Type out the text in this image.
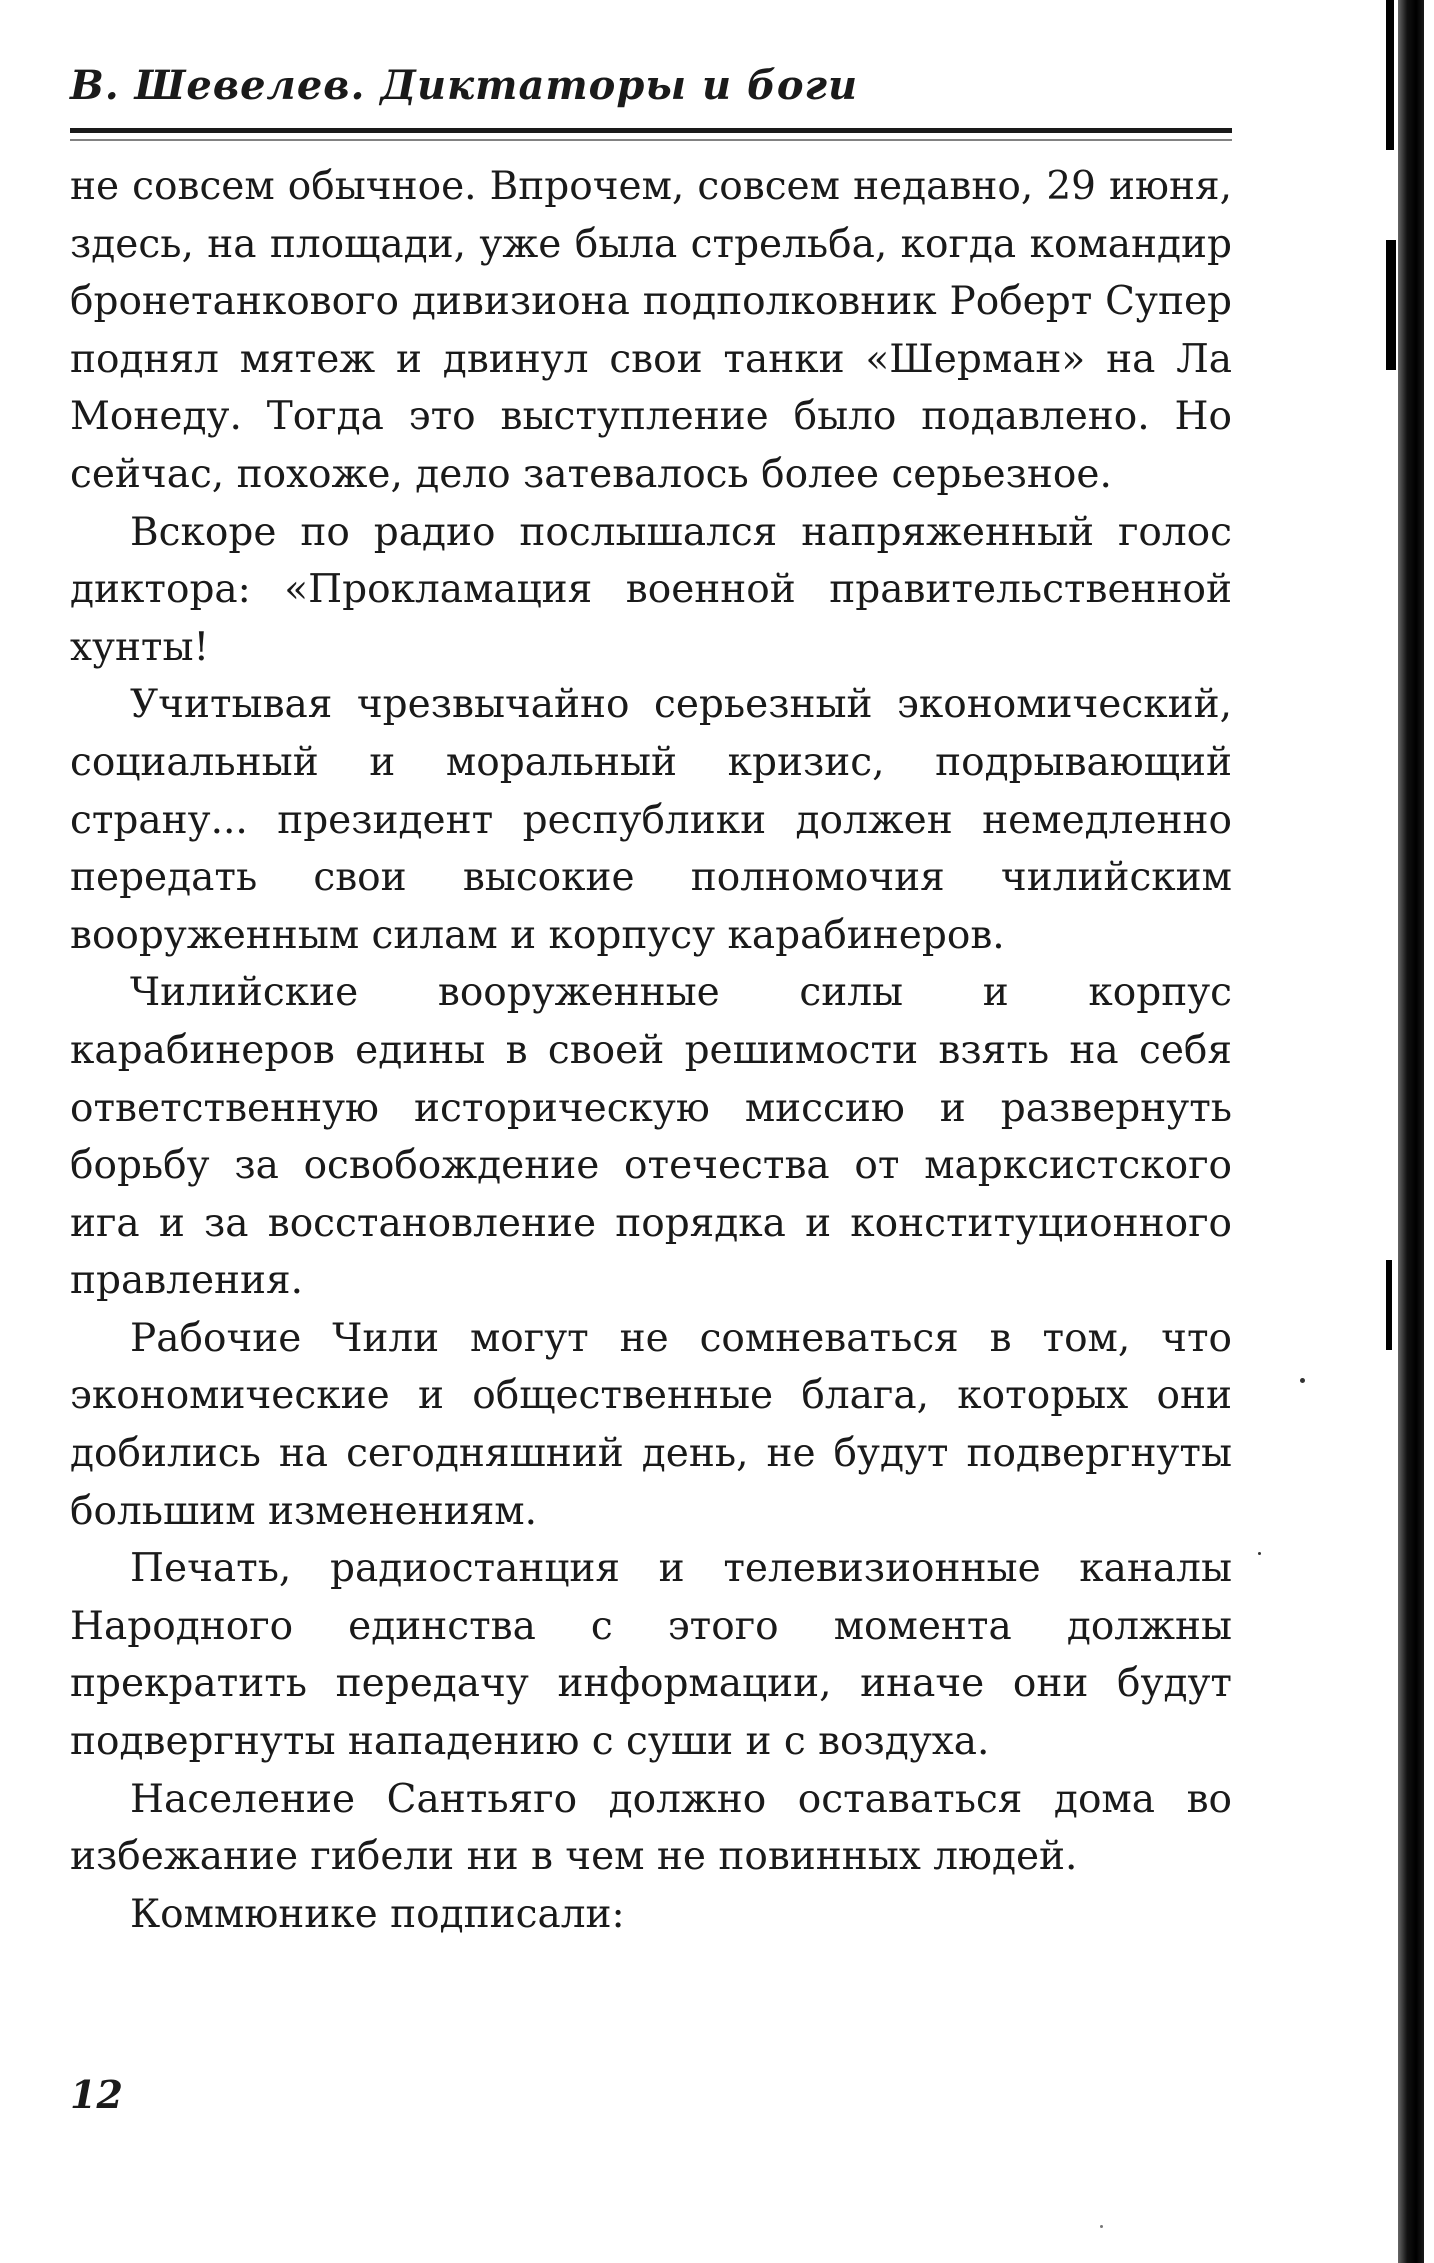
В. Шевелев. Диктаторы и боги

не совсем обычное. Впрочем, совсем недавно, 29 июня, здесь, на площади, уже была стрельба, когда командир бронетанкового дивизиона подполковник Роберт Супер поднял мятеж и двинул свои танки «Шерман» на Ла Монеду. Тогда это выступление было подавлено. Но сейчас, похоже, дело затевалось более серьезное.

Вскоре по радио послышался напряженный голос диктора: «Прокламация военной правительственной хунты!

Учитывая чрезвычайно серьезный экономический, социальный и моральный кризис, подрывающий страну... президент республики должен немедленно передать свои высокие полномочия чилийским вооруженным силам и корпусу карабинеров.

Чилийские вооруженные силы и корпус карабинеров едины в своей решимости взять на себя ответственную историческую миссию и развернуть борьбу за освобождение отечества от марксистского ига и за восстановление порядка и конституционного правления.

Рабочие Чили могут не сомневаться в том, что экономические и общественные блага, которых они добились на сегодняшний день, не будут подвергнуты большим изменениям.

Печать, радиостанция и телевизионные каналы Народного единства с этого момента должны прекратить передачу информации, иначе они будут подвергнуты нападению с суши и с воздуха.

Население Сантьяго должно оставаться дома во избежание гибели ни в чем не повинных людей.

Коммюнике подписали:

12
